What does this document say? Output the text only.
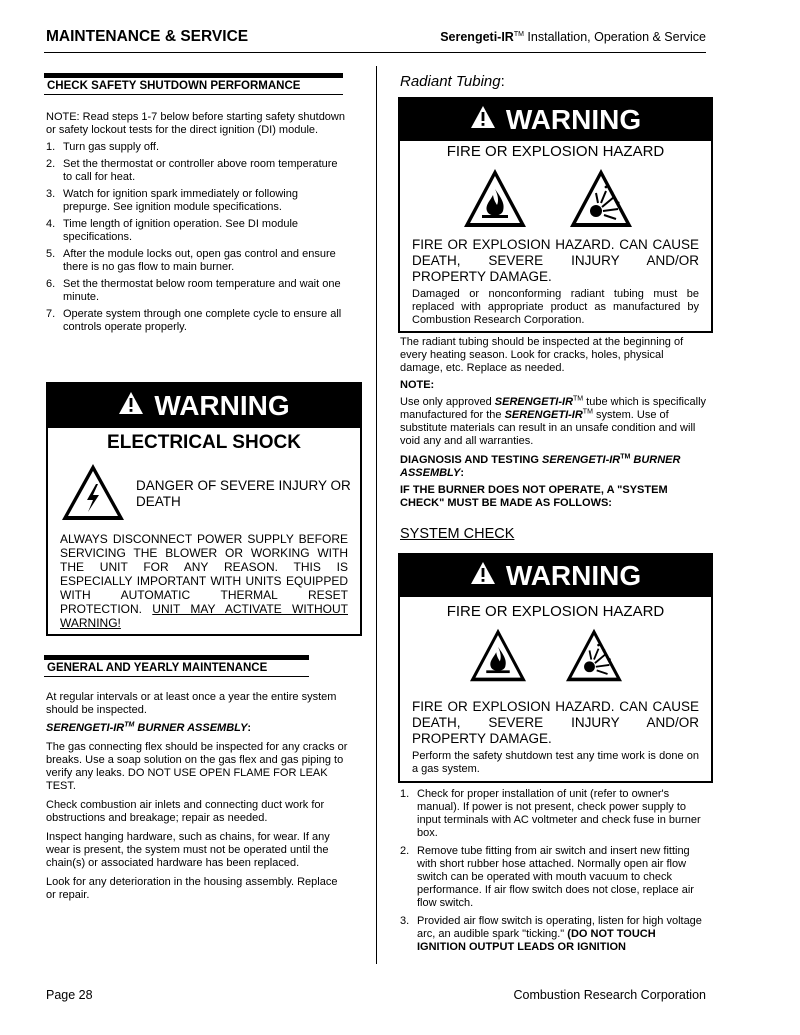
MAINTENANCE & SERVICE	Serengeti-IR™ Installation, Operation & Service
Page 28	Combustion Research Corporation
CHECK SAFETY SHUTDOWN PERFORMANCE

NOTE: Read steps 1-7 below before starting safety shutdown or safety lockout tests for the direct ignition (DI) module.

1. Turn gas supply off.
2. Set the thermostat or controller above room temperature to call for heat.
3. Watch for ignition spark immediately or following prepurge. See ignition module specifications.
4. Time length of ignition operation. See DI module specifications.
5. After the module locks out, open gas control and ensure there is no gas flow to main burner.
6. Set the thermostat below room temperature and wait one minute.
7. Operate system through one complete cycle to ensure all controls operate properly.
WARNING
ELECTRICAL SHOCK
DANGER OF SEVERE INJURY OR DEATH
ALWAYS DISCONNECT POWER SUPPLY BEFORE SERVICING THE BLOWER OR WORKING WITH THE UNIT FOR ANY REASON. THIS IS ESPECIALLY IMPORTANT WITH UNITS EQUIPPED WITH AUTOMATIC THERMAL RESET PROTECTION. UNIT MAY ACTIVATE WITHOUT WARNING!
GENERAL AND YEARLY MAINTENANCE

At regular intervals or at least once a year the entire system should be inspected.

SERENGETI-IR™ BURNER ASSEMBLY:

The gas connecting flex should be inspected for any cracks or breaks. Use a soap solution on the gas flex and gas piping to verify any leaks. DO NOT USE OPEN FLAME FOR LEAK TEST.

Check combustion air inlets and connecting duct work for obstructions and breakage; repair as needed.

Inspect hanging hardware, such as chains, for wear. If any wear is present, the system must not be operated until the chain(s) or associated hardware has been replaced.

Look for any deterioration in the housing assembly. Replace or repair.

Radiant Tubing:
WARNING
FIRE OR EXPLOSION HAZARD
FIRE OR EXPLOSION HAZARD. CAN CAUSE DEATH, SEVERE INJURY AND/OR PROPERTY DAMAGE.
Damaged or nonconforming radiant tubing must be replaced with appropriate product as manufactured by Combustion Research Corporation.

The radiant tubing should be inspected at the beginning of every heating season. Look for cracks, holes, physical damage, etc. Replace as needed.

NOTE:

Use only approved SERENGETI-IR™ tube which is specifically manufactured for the SERENGETI-IR™ system. Use of substitute materials can result in an unsafe condition and will void any and all warranties.

DIAGNOSIS AND TESTING SERENGETI-IR™ BURNER ASSEMBLY:

IF THE BURNER DOES NOT OPERATE, A "SYSTEM CHECK" MUST BE MADE AS FOLLOWS:

SYSTEM CHECK
WARNING
FIRE OR EXPLOSION HAZARD
FIRE OR EXPLOSION HAZARD. CAN CAUSE DEATH, SEVERE INJURY AND/OR PROPERTY DAMAGE.
Perform the safety shutdown test any time work is done on a gas system.
1. Check for proper installation of unit (refer to owner's manual). If power is not present, check power supply to input terminals with AC voltmeter and check fuse in burner box.
2. Remove tube fitting from air switch and insert new fitting with short rubber hose attached. Normally open air flow switch can be operated with mouth vacuum to check performance. If air flow switch does not close, replace air flow switch.
3. Provided air flow switch is operating, listen for high voltage arc, an audible spark "ticking." (DO NOT TOUCH IGNITION OUTPUT LEADS OR IGNITION
